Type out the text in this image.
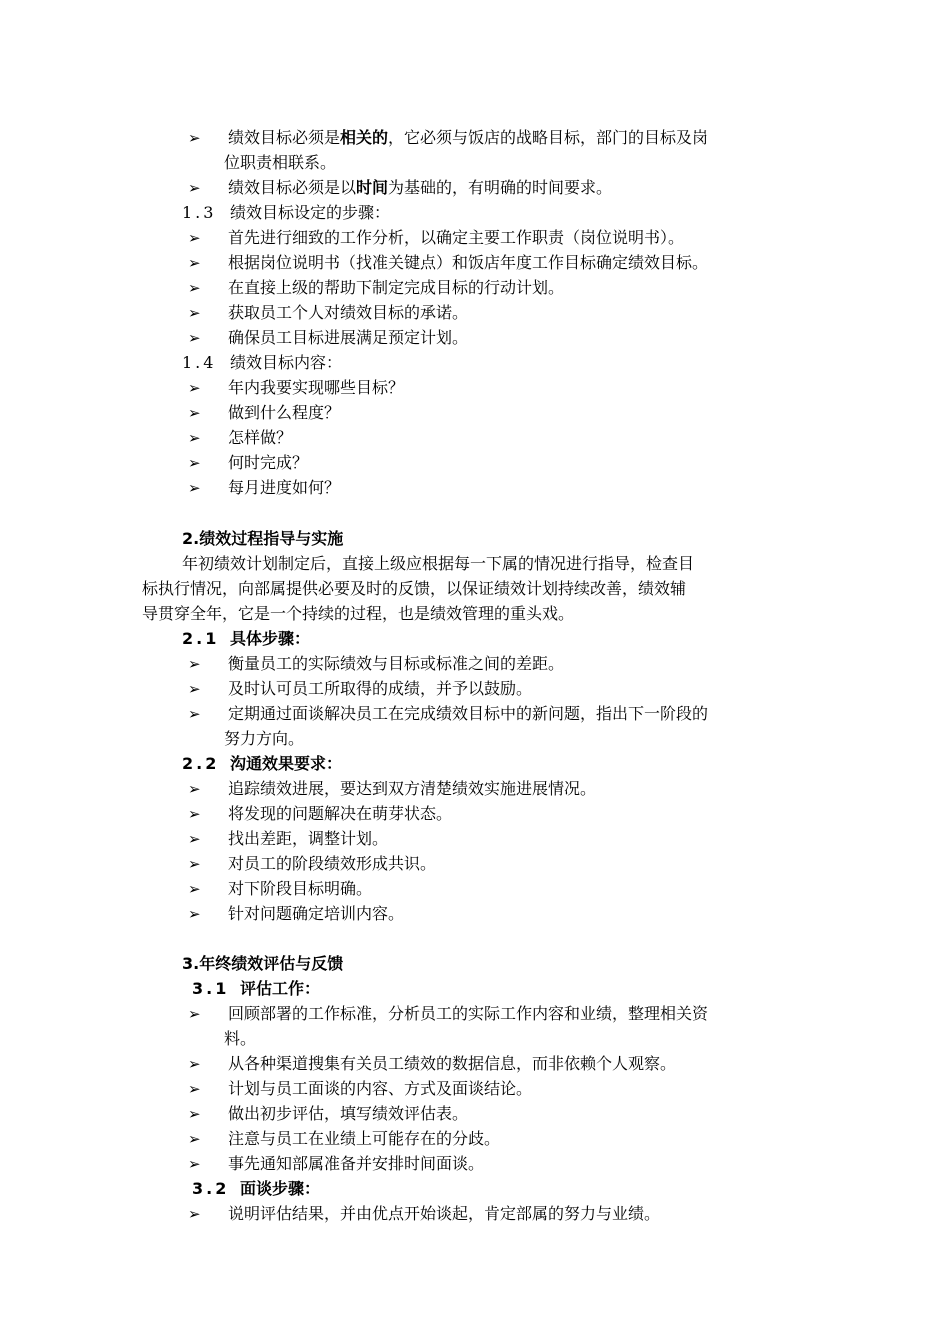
➢ 绩效目标必须是相关的，它必须与饭店的战略目标，部门的目标及岗
位职责相联系。
➢ 绩效目标必须是以时间为基础的，有明确的时间要求。
1.3 绩效目标设定的步骤：
➢ 首先进行细致的工作分析，以确定主要工作职责（岗位说明书）。
➢ 根据岗位说明书（找准关键点）和饭店年度工作目标确定绩效目标。
➢ 在直接上级的帮助下制定完成目标的行动计划。
➢ 获取员工个人对绩效目标的承诺。
➢ 确保员工目标进展满足预定计划。
1.4 绩效目标内容：
➢ 年内我要实现哪些目标？
➢ 做到什么程度？
➢ 怎样做？
➢ 何时完成？
➢ 每月进度如何？
2.绩效过程指导与实施
年初绩效计划制定后，直接上级应根据每一下属的情况进行指导，检查目
标执行情况，向部属提供必要及时的反馈，以保证绩效计划持续改善，绩效辅
导贯穿全年，它是一个持续的过程，也是绩效管理的重头戏。
2.1 具体步骤：
➢ 衡量员工的实际绩效与目标或标准之间的差距。
➢ 及时认可员工所取得的成绩，并予以鼓励。
➢ 定期通过面谈解决员工在完成绩效目标中的新问题，指出下一阶段的
努力方向。
2.2 沟通效果要求：
➢ 追踪绩效进展，要达到双方清楚绩效实施进展情况。
➢ 将发现的问题解决在萌芽状态。
➢ 找出差距，调整计划。
➢ 对员工的阶段绩效形成共识。
➢ 对下阶段目标明确。
➢ 针对问题确定培训内容。
3.年终绩效评估与反馈
3.1 评估工作：
➢ 回顾部署的工作标准，分析员工的实际工作内容和业绩，整理相关资
料。
➢ 从各种渠道搜集有关员工绩效的数据信息，而非依赖个人观察。
➢ 计划与员工面谈的内容、方式及面谈结论。
➢ 做出初步评估，填写绩效评估表。
➢ 注意与员工在业绩上可能存在的分歧。
➢ 事先通知部属准备并安排时间面谈。
3.2 面谈步骤：
➢ 说明评估结果，并由优点开始谈起，肯定部属的努力与业绩。
